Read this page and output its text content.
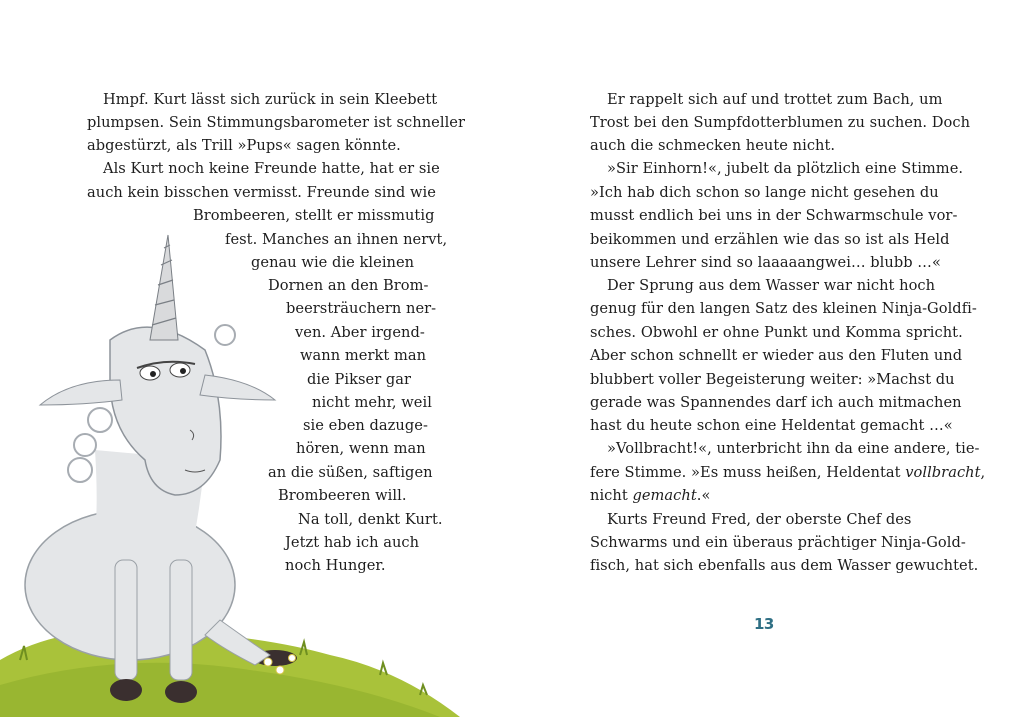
Hmpf. Kurt lässt sich zurück in sein Kleebett
plumpsen. Sein Stimmungsbarometer ist schneller
abgestürzt, als Trill »Pups« sagen könnte.
Als Kurt noch keine Freunde hatte, hat er sie
auch kein bisschen vermisst. Freunde sind wie
Brombeeren, stellt er missmutig
fest. Manches an ihnen nervt,
genau wie die kleinen
Dornen an den Brom-
beersträuchern ner-
ven. Aber irgend-
wann merkt man
die Pikser gar
nicht mehr, weil
sie eben dazuge-
hören, wenn man
an die süßen, saftigen
Brombeeren will.
Na toll, denkt Kurt.
Jetzt hab ich auch
noch Hunger.
Er rappelt sich auf und trottet zum Bach, um
Trost bei den Sumpfdotterblumen zu suchen. Doch
auch die schmecken heute nicht.
»Sir Einhorn!«, jubelt da plötzlich eine Stimme.
»Ich hab dich schon so lange nicht gesehen du
musst endlich bei uns in der Schwarmschule vor-
beikommen und erzählen wie das so ist als Held
unsere Lehrer sind so laaaaangwei… blubb …«
Der Sprung aus dem Wasser war nicht hoch
genug für den langen Satz des kleinen Ninja-Goldfi-
sches. Obwohl er ohne Punkt und Komma spricht.
Aber schon schnellt er wieder aus den Fluten und
blubbert voller Begeisterung weiter: »Machst du
gerade was Spannendes darf ich auch mitmachen
hast du heute schon eine Heldentat gemacht …«
»Vollbracht!«, unterbricht ihn da eine andere, tie-
fere Stimme. »Es muss heißen, Heldentat vollbracht,
nicht gemacht.«
Kurts Freund Fred, der oberste Chef des
Schwarms und ein überaus prächtiger Ninja-Gold-
fisch, hat sich ebenfalls aus dem Wasser gewuchtet.
13
